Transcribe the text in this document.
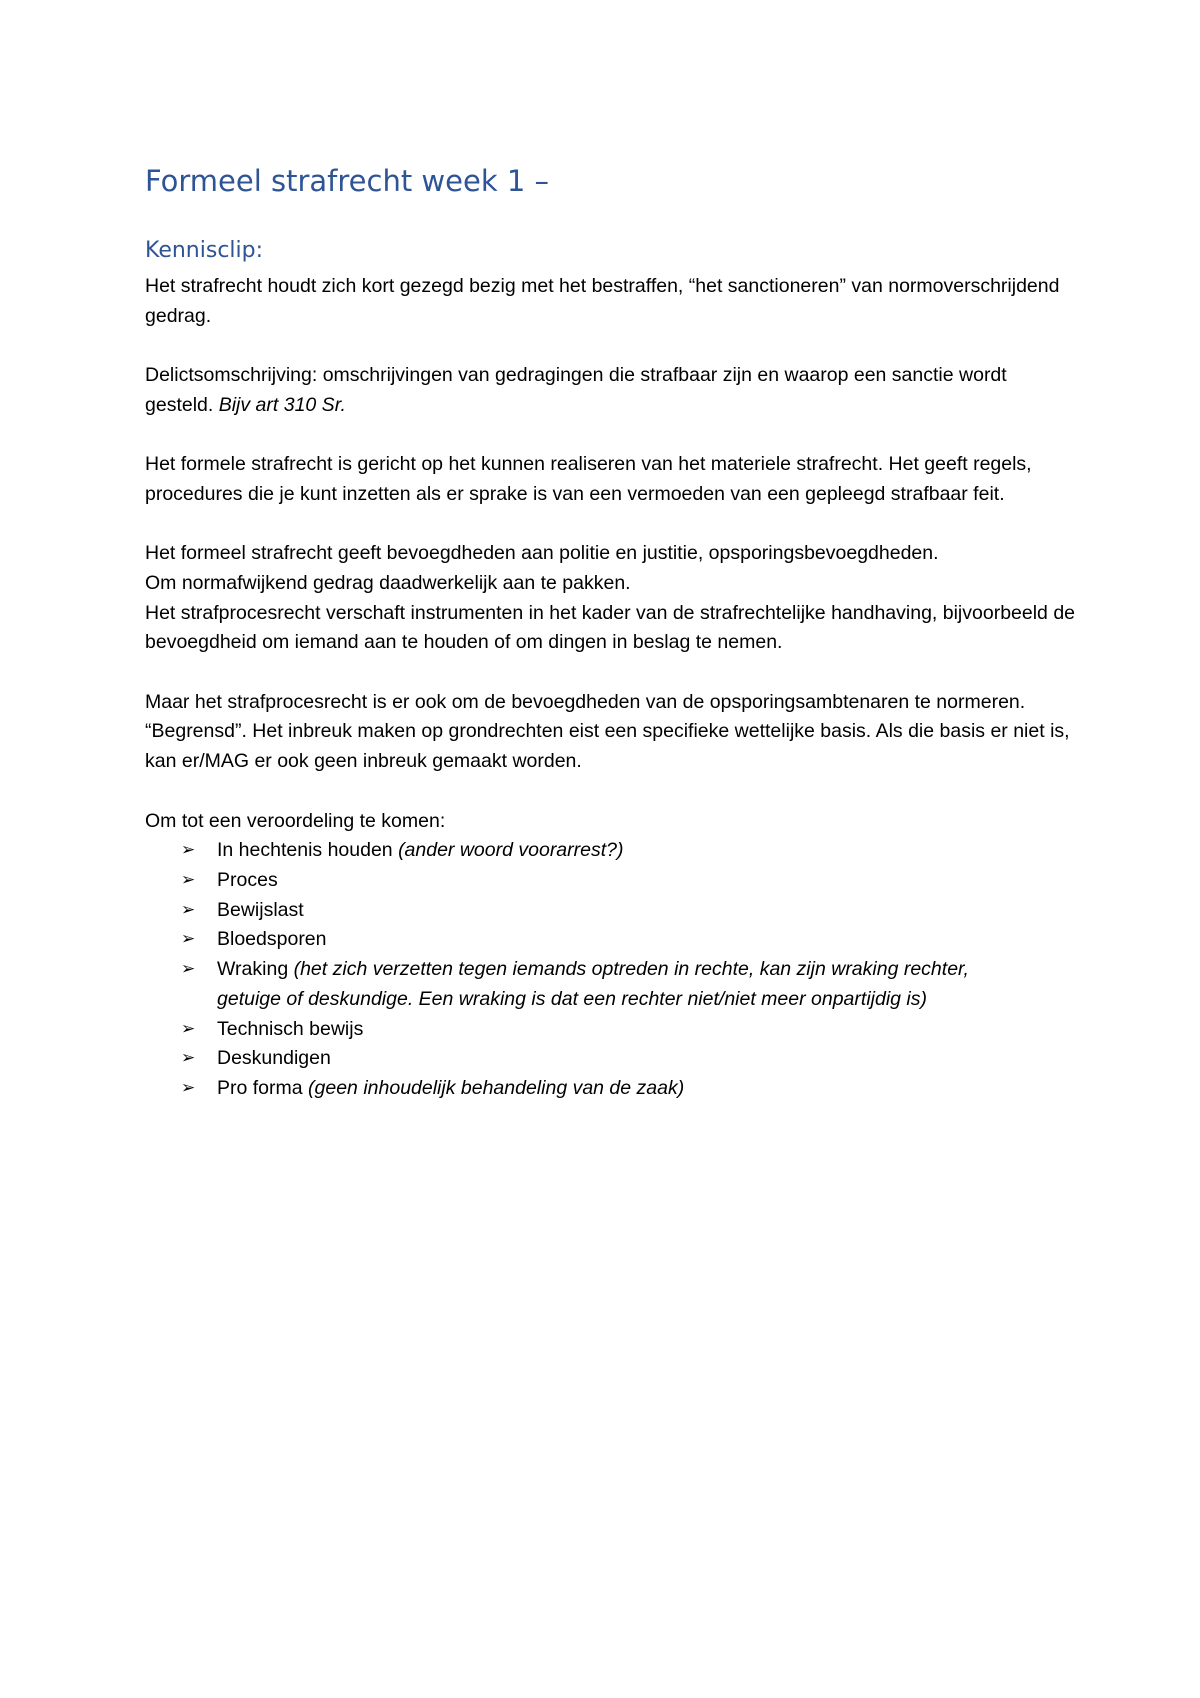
Formeel strafrecht week 1 –
Kennisclip:

Het strafrecht houdt zich kort gezegd bezig met het bestraffen, “het sanctioneren” van normoverschrijdend gedrag.

Delictsomschrijving: omschrijvingen van gedragingen die strafbaar zijn en waarop een sanctie wordt gesteld. Bijv art 310 Sr.

Het formele strafrecht is gericht op het kunnen realiseren van het materiele strafrecht. Het geeft regels, procedures die je kunt inzetten als er sprake is van een vermoeden van een gepleegd strafbaar feit.

Het formeel strafrecht geeft bevoegdheden aan politie en justitie, opsporingsbevoegdheden.
Om normafwijkend gedrag daadwerkelijk aan te pakken.
Het strafprocesrecht verschaft instrumenten in het kader van de strafrechtelijke handhaving, bijvoorbeeld de bevoegdheid om iemand aan te houden of om dingen in beslag te nemen.

Maar het strafprocesrecht is er ook om de bevoegdheden van de opsporingsambtenaren te normeren. “Begrensd”. Het inbreuk maken op grondrechten eist een specifieke wettelijke basis. Als die basis er niet is, kan er/MAG er ook geen inbreuk gemaakt worden.

Om tot een veroordeling te komen:

➢ In hechtenis houden (ander woord voorarrest?)
➢ Proces
➢ Bewijslast
➢ Bloedsporen
➢ Wraking (het zich verzetten tegen iemands optreden in rechte, kan zijn wraking rechter, getuige of deskundige. Een wraking is dat een rechter niet/niet meer onpartijdig is)
➢ Technisch bewijs
➢ Deskundigen
➢ Pro forma (geen inhoudelijk behandeling van de zaak)
